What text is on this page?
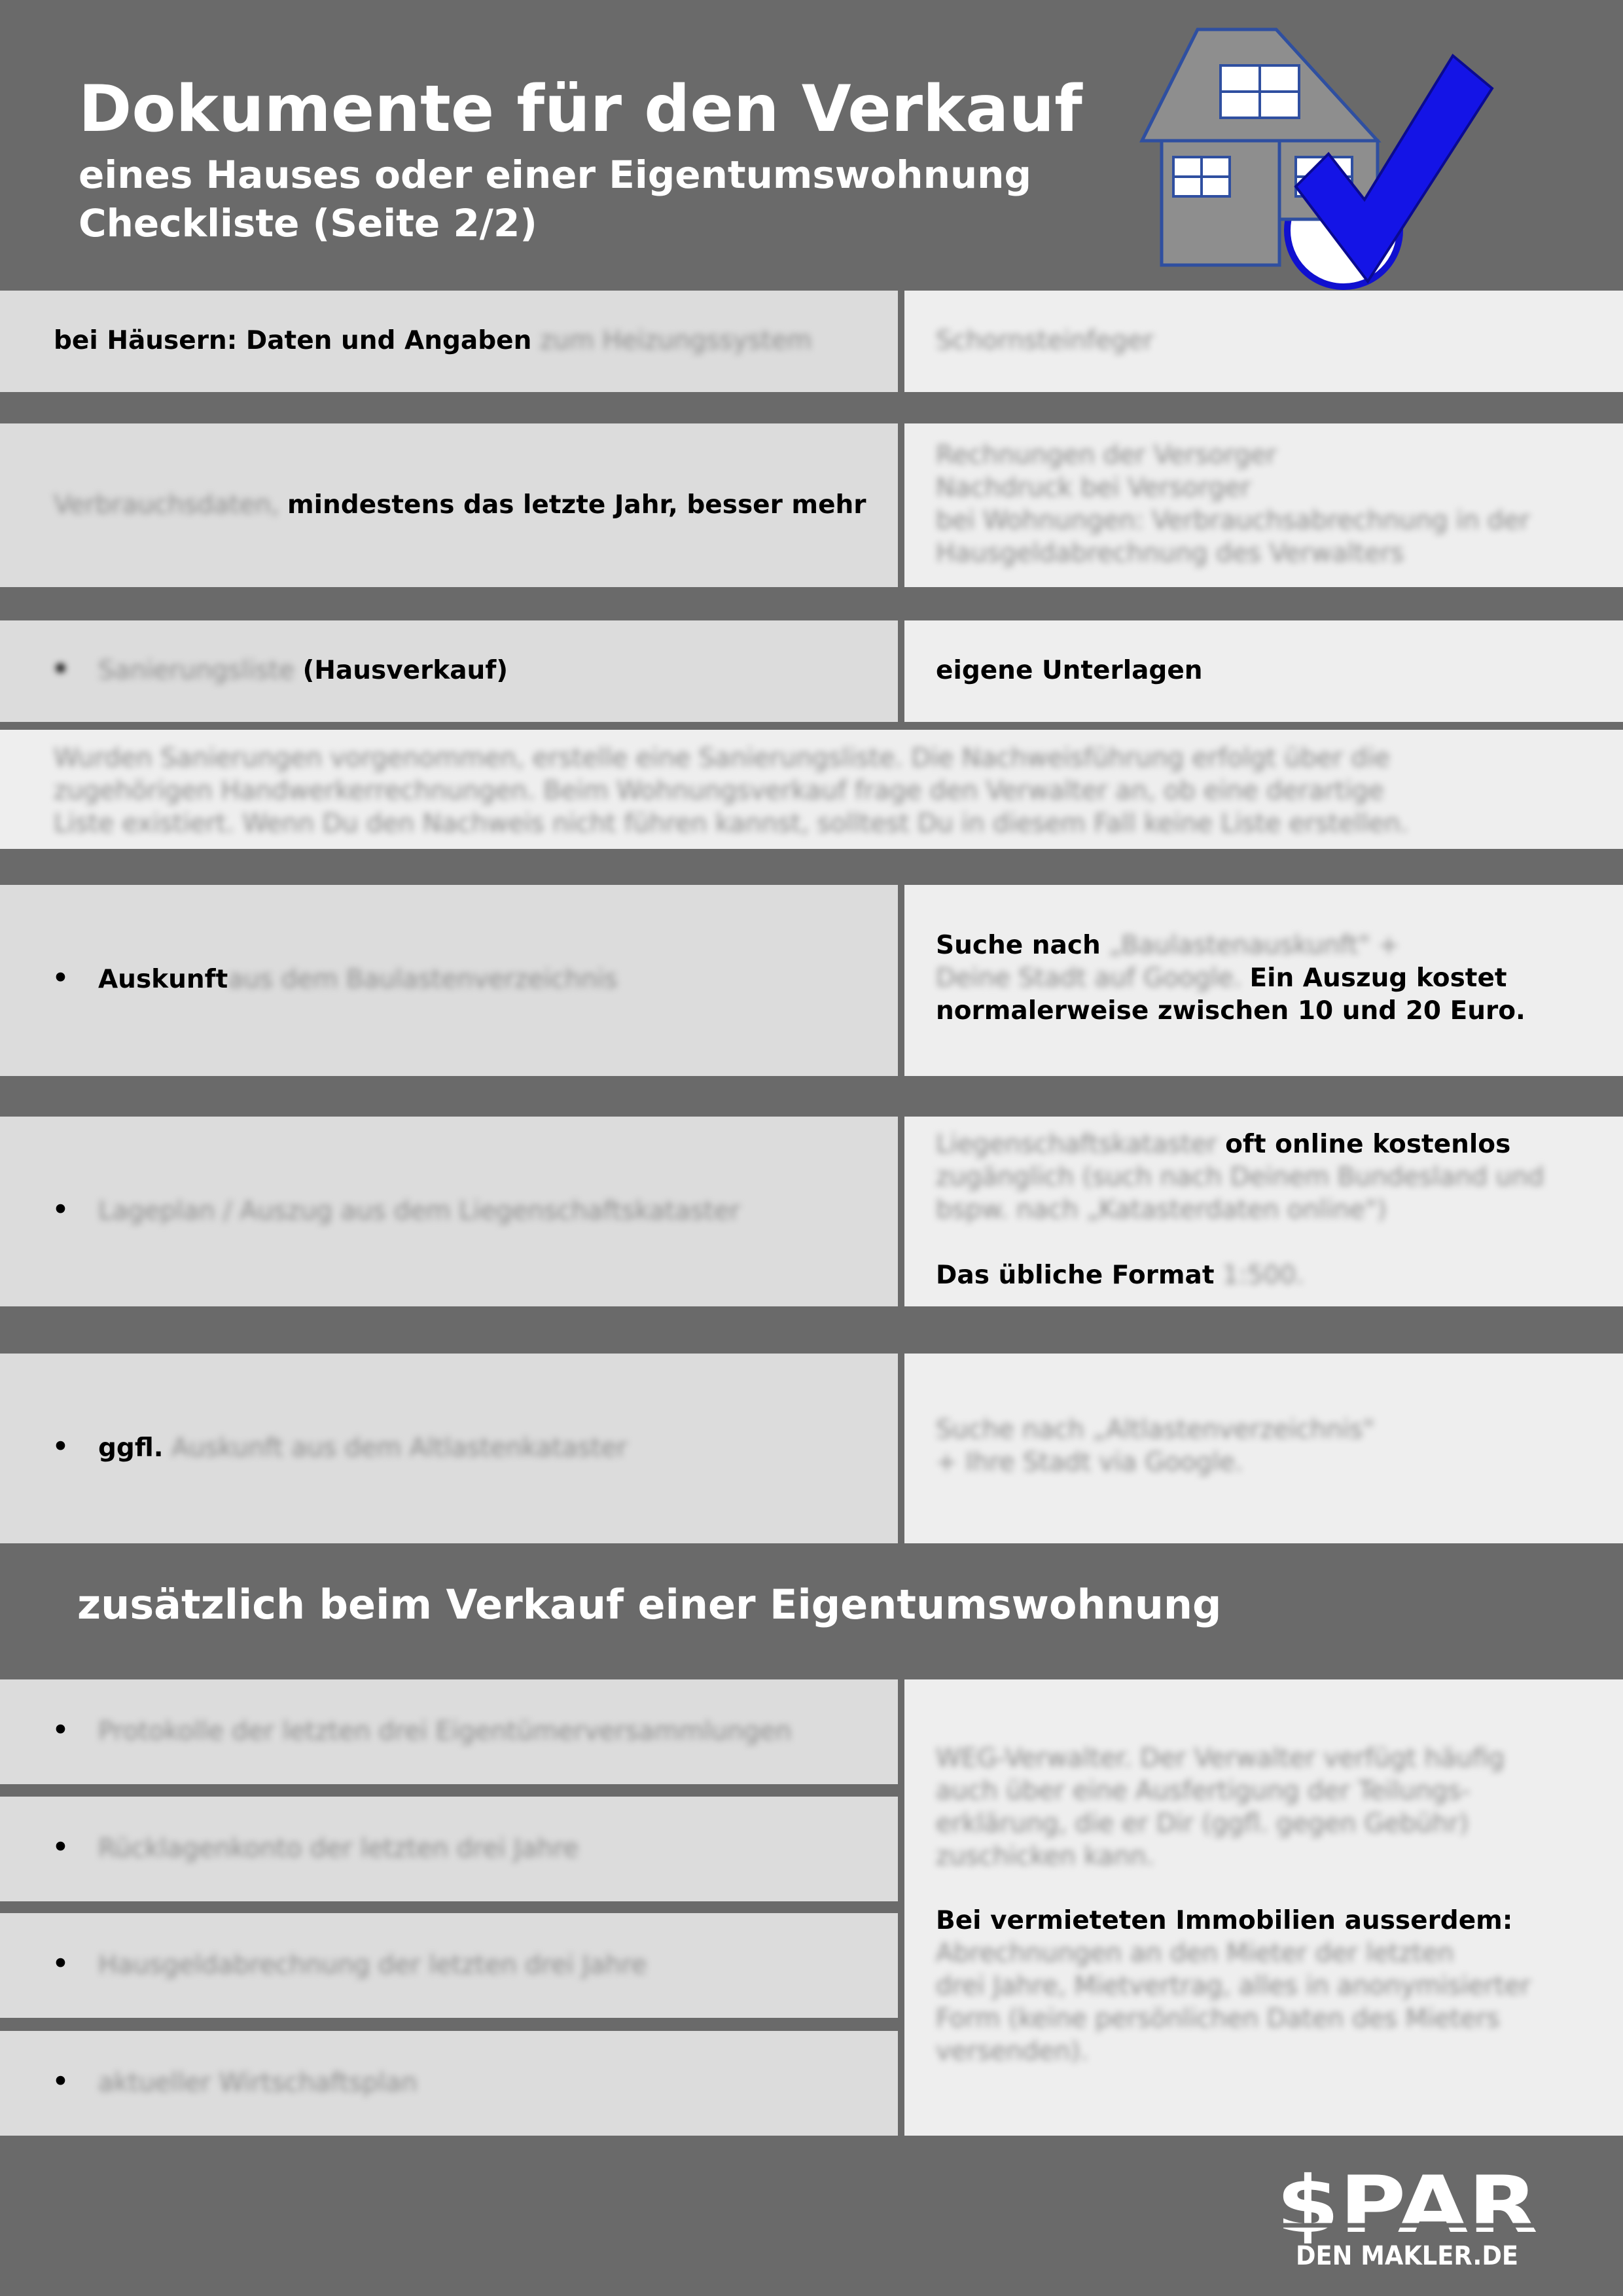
Dokumente für den Verkauf
eines Hauses oder einer Eigentumswohnung
Checkliste (Seite 2/2)
bei Häusern: Daten und Angaben zum Heizungssystem	Schornsteinfeger
Verbrauchsdaten, mindestens das letzte Jahr, besser mehr
Rechnungen der Versorger
Nachdruck bei Versorger
bei Wohnungen: Verbrauchsabrechnung in der
Hausgeldabrechnung des Verwalters
• Sanierungsliste (Hausverkauf)	eigene Unterlagen
Wurden Sanierungen vorgenommen, erstelle eine Sanierungsliste. Die Nachweisführung erfolgt über die
zugehörigen Handwerkerrechnungen. Beim Wohnungsverkauf frage den Verwalter an, ob eine derartige
Liste existiert. Wenn Du den Nachweis nicht führen kannst, solltest Du in diesem Fall keine Liste erstellen.
• Auskunftaus dem Baulastenverzeichnis
Suche nach „Baulastenauskunft" +
Deine Stadt auf Google. Ein Auszug kostet
normalerweise zwischen 10 und 20 Euro.
• Lageplan / Auszug aus dem Liegenschaftskataster
Liegenschaftskataster oft online kostenlos
zugänglich (such nach Deinem Bundesland und
bspw. nach „Katasterdaten online")
Das übliche Format 1:500.
• ggfl. Auskunft aus dem Altlastenkataster
Suche nach „Altlastenverzeichnis"
+ Ihre Stadt via Google.
zusätzlich beim Verkauf einer Eigentumswohnung
• Protokolle der letzten drei Eigentümerversammlungen
• Rücklagenkonto der letzten drei Jahre
• Hausgeldabrechnung der letzten drei Jahre
• aktueller Wirtschaftsplan
WEG-Verwalter. Der Verwalter verfügt häufig
auch über eine Ausfertigung der Teilungs-
erklärung, die er Dir (ggfl. gegen Gebühr)
zuschicken kann.
Bei vermieteten Immobilien ausserdem:
Abrechnungen an den Mieter der letzten
drei Jahre, Mietvertrag, alles in anonymisierter
Form (keine persönlichen Daten des Mieters
versenden).
$PAR
DEN MAKLER.DE
